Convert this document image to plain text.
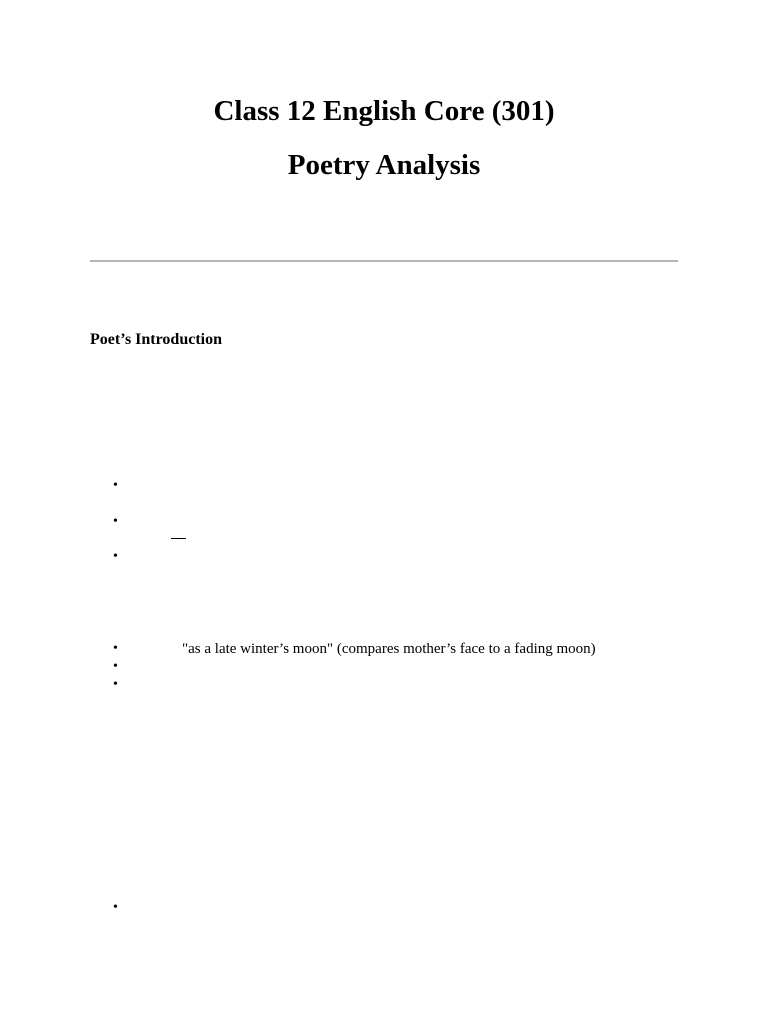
Class 12 English Core (301)
Poetry Analysis
Poet’s Introduction
•
•
•
•	"as a late winter’s moon" (compares mother’s face to a fading moon)
•
•
•
